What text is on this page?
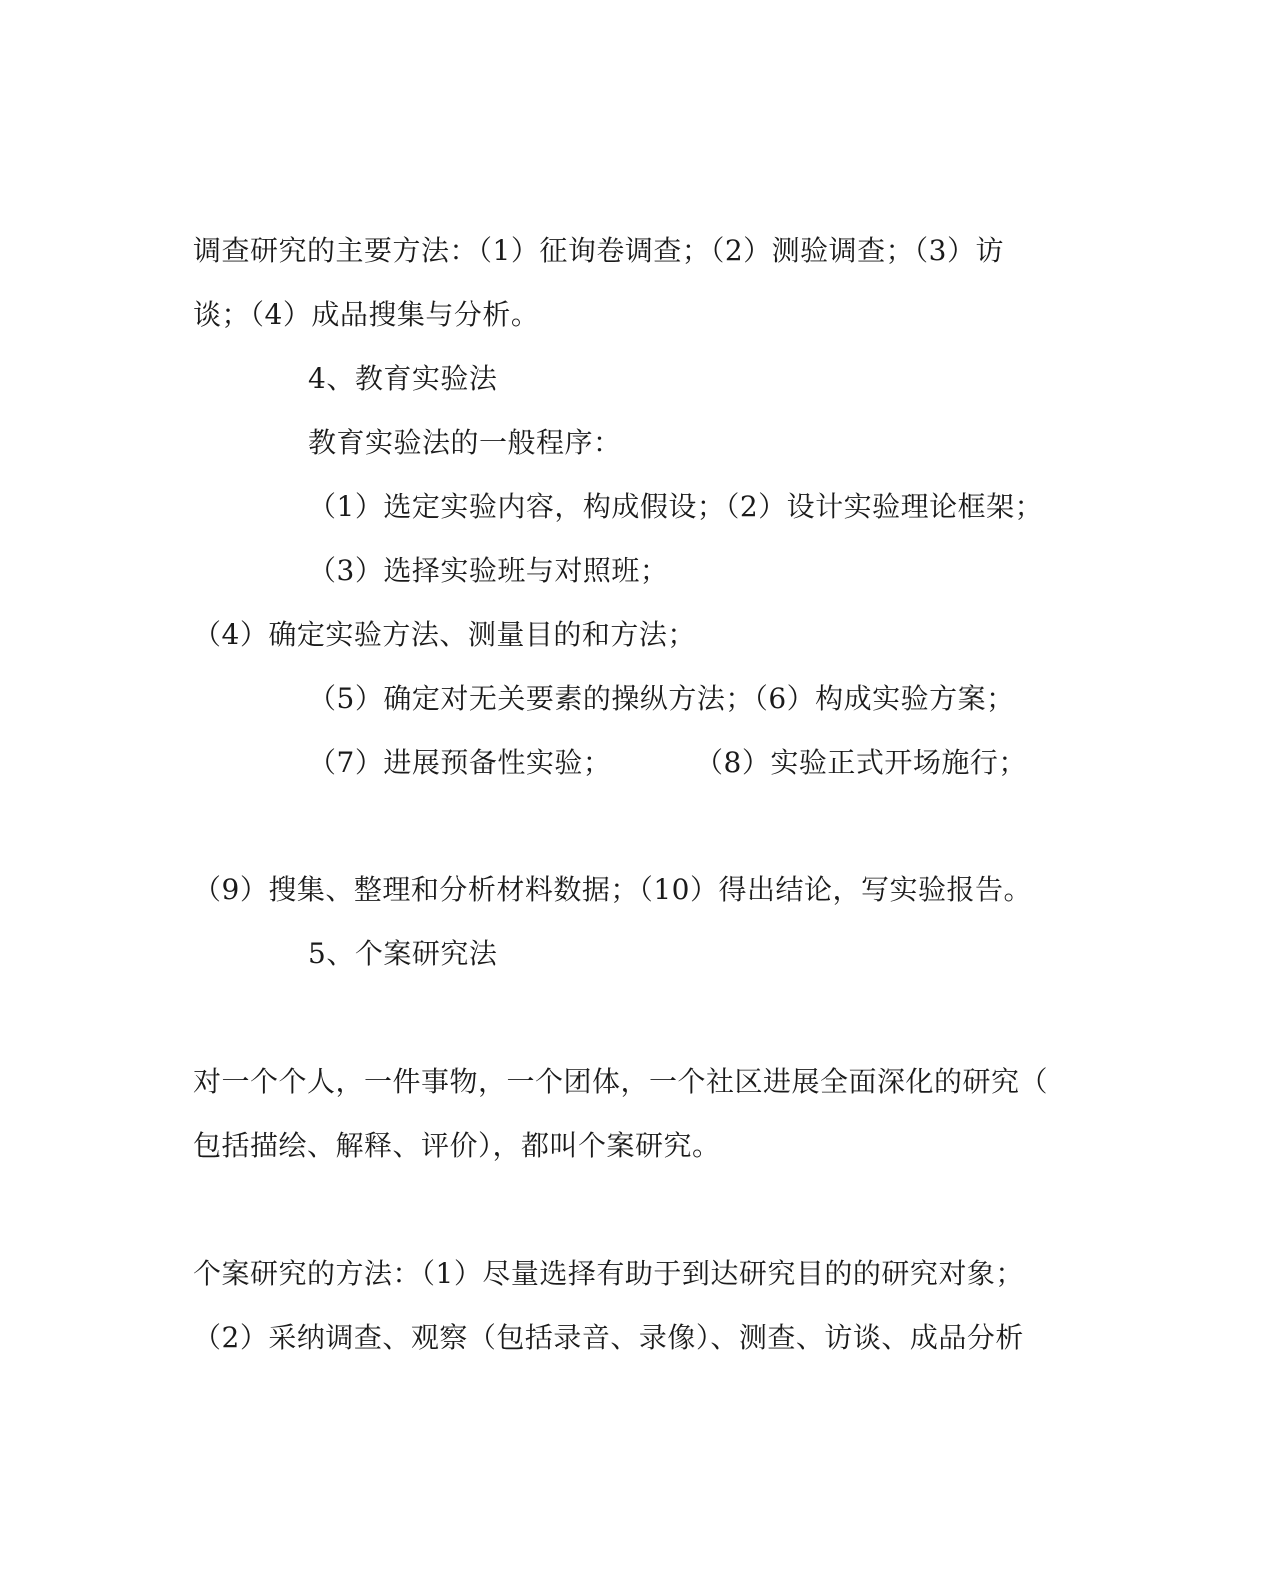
调查研究的主要方法：（1）征询卷调查；（2）测验调查；（3）访
谈；（4）成品搜集与分析。
4、教育实验法
教育实验法的一般程序：
（1）选定实验内容，构成假设；（2）设计实验理论框架；
（3）选择实验班与对照班；
（4）确定实验方法、测量目的和方法；
（5）确定对无关要素的操纵方法；（6）构成实验方案；
（7）进展预备性实验；	（8）实验正式开场施行；
（9）搜集、整理和分析材料数据；（10）得出结论，写实验报告。
5、个案研究法
对一个个人，一件事物，一个团体，一个社区进展全面深化的研究（
包括描绘、解释、评价），都叫个案研究。
个案研究的方法：（1）尽量选择有助于到达研究目的的研究对象；
（2）采纳调查、观察（包括录音、录像）、测查、访谈、成品分析
